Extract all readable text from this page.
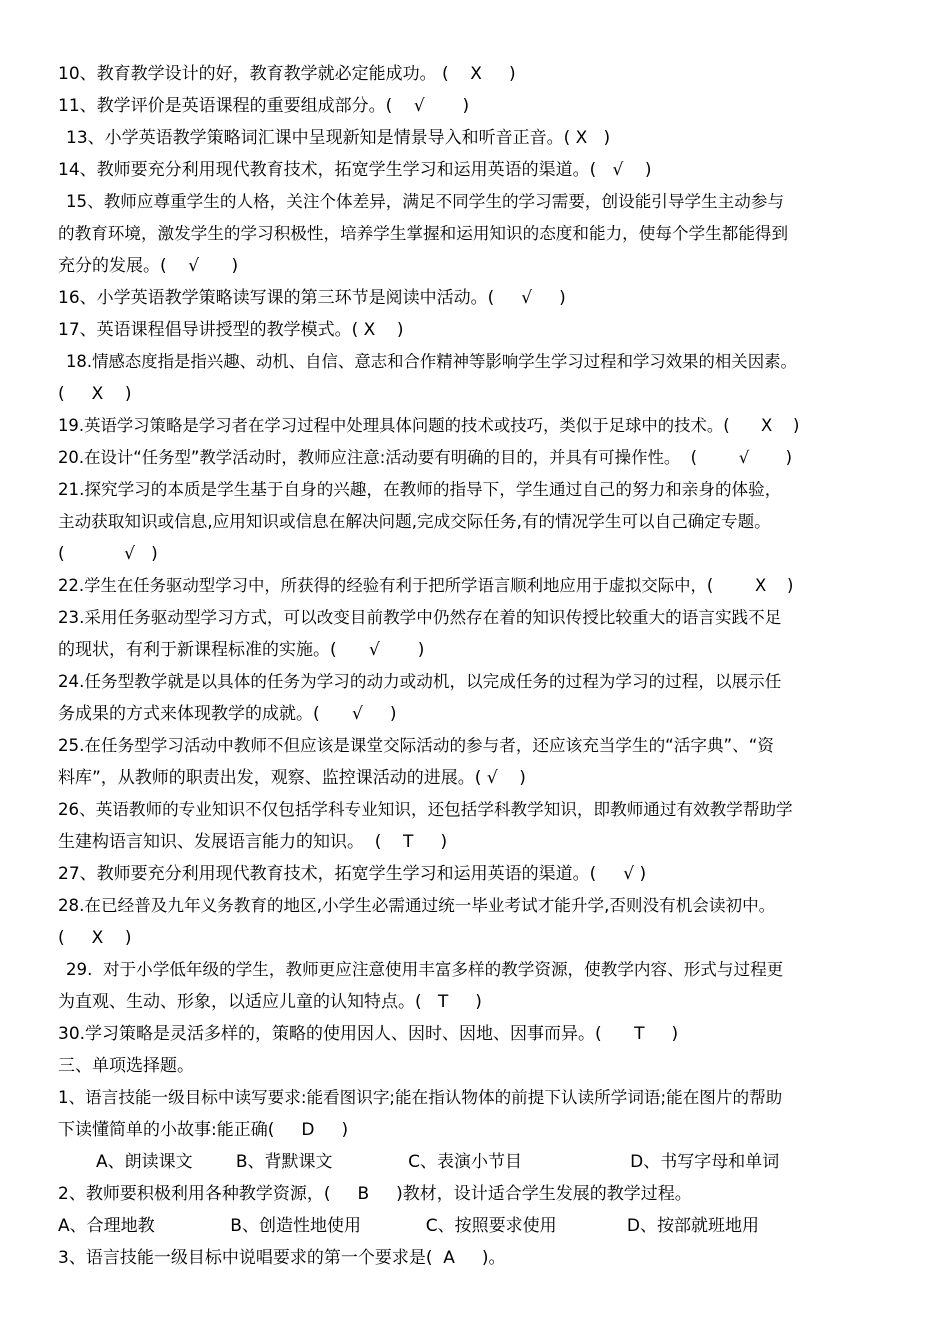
10、教育教学设计的好，教育教学就必定能成功。 (    X     )
11、教学评价是英语课程的重要组成部分。(    √       )
13、小学英语教学策略词汇课中呈现新知是情景导入和听音正音。( X   )
14、教师要充分利用现代教育技术，拓宽学生学习和运用英语的渠道。(   √    )
15、教师应尊重学生的人格，关注个体差异，满足不同学生的学习需要，创设能引导学生主动参与
的教育环境，激发学生的学习积极性，培养学生掌握和运用知识的态度和能力，使每个学生都能得到
充分的发展。(    √      )
16、小学英语教学策略读写课的第三环节是阅读中活动。(     √     )
17、英语课程倡导讲授型的教学模式。( X    )
18.情感态度指是指兴趣、动机、自信、意志和合作精神等影响学生学习过程和学习效果的相关因素。
(     X    )
19.英语学习策略是学习者在学习过程中处理具体问题的技术或技巧，类似于足球中的技术。(      X    )
20.在设计“任务型”教学活动时，教师应注意:活动要有明确的目的，并具有可操作性。  (        √       )
21.探究学习的本质是学生基于自身的兴趣，在教师的指导下，学生通过自己的努力和亲身的体验，
主动获取知识或信息,应用知识或信息在解决问题,完成交际任务,有的情况学生可以自己确定专题。
(           √   )
22.学生在任务驱动型学习中，所获得的经验有利于把所学语言顺利地应用于虚拟交际中，(        X    )
23.采用任务驱动型学习方式，可以改变目前教学中仍然存在着的知识传授比较重大的语言实践不足
的现状，有利于新课程标准的实施。(      √       )
24.任务型教学就是以具体的任务为学习的动力或动机，以完成任务的过程为学习的过程，以展示任
务成果的方式来体现教学的成就。(      √     )
25.在任务型学习活动中教师不但应该是课堂交际活动的参与者，还应该充当学生的“活字典”、“资
料库”，从教师的职责出发，观察、监控课活动的进展。( √    )
26、英语教师的专业知识不仅包括学科专业知识，还包括学科教学知识，即教师通过有效教学帮助学
生建构语言知识、发展语言能力的知识。  (    T     )
27、教师要充分利用现代教育技术，拓宽学生学习和运用英语的渠道。(     √ )
28.在已经普及九年义务教育的地区,小学生必需通过统一毕业考试才能升学,否则没有机会读初中。
(     X    )
29.  对于小学低年级的学生，教师更应注意使用丰富多样的教学资源，使教学内容、形式与过程更
为直观、生动、形象，以适应儿童的认知特点。(   T     )
30.学习策略是灵活多样的，策略的使用因人、因时、因地、因事而异。(      T     )
三、单项选择题。
1、语言技能一级目标中读写要求:能看图识字;能在指认物体的前提下认读所学词语;能在图片的帮助
下读懂简单的小故事:能正确(     D     )
A、朗读课文        B、背默课文              C、表演小节目                    D、书写字母和单词
2、教师要积极利用各种教学资源，(     B     )教材，设计适合学生发展的教学过程。
A、合理地教              B、创造性地使用            C、按照要求使用             D、按部就班地用
3、语言技能一级目标中说唱要求的第一个要求是(  A     )。
